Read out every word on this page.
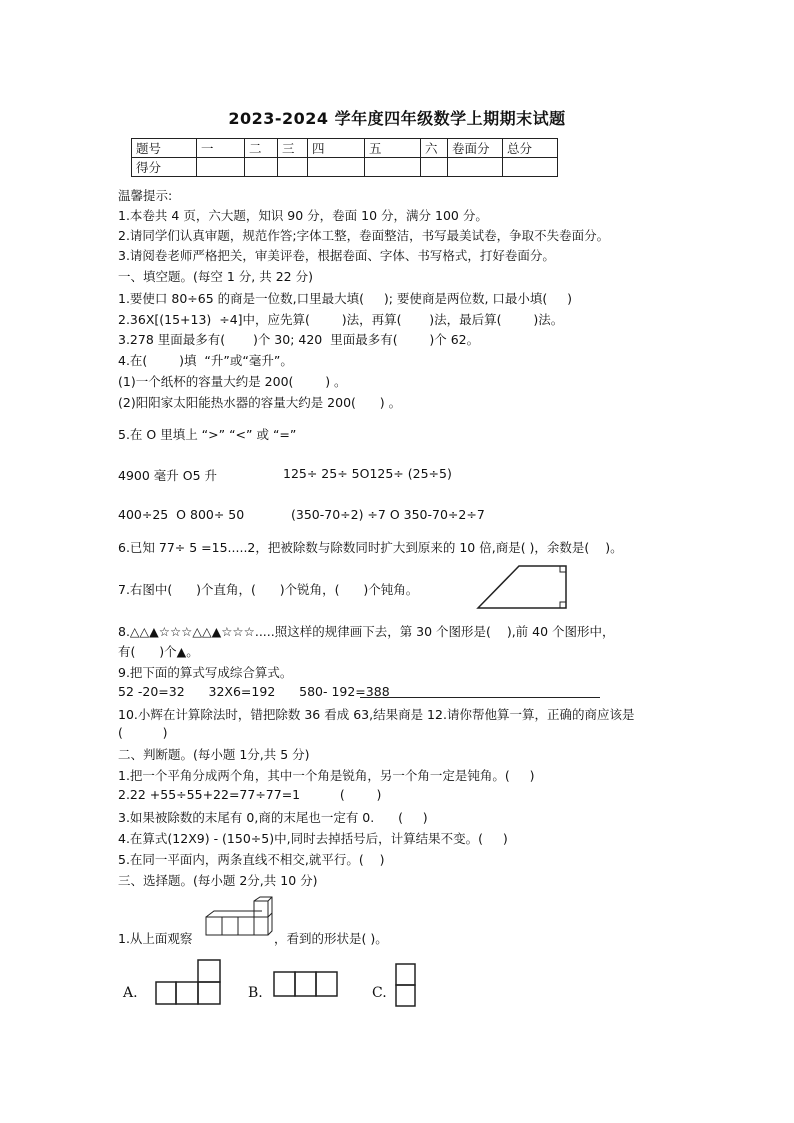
2023-2024 学年度四年级数学上期期末试题
题号	一	二	三	四	五	六	卷面分	总分
得分								
温馨提示:
1.本卷共 4 页，六大题，知识 90 分，卷面 10 分，满分 100 分。
2.请同学们认真审题，规范作答;字体工整，卷面整洁，书写最美试卷，争取不失卷面分。
3.请阅卷老师严格把关，审美评卷，根据卷面、字体、书写格式，打好卷面分。
一、填空题。(每空 1 分, 共 22 分)
1.要使口 80÷65 的商是一位数,口里最大填(     ); 要使商是两位数, 口最小填(     )
2.36X[(15+13)  ÷4]中，应先算(        )法，再算(       )法，最后算(        )法。
3.278 里面最多有(       )个 30; 420  里面最多有(        )个 62。
4.在(        )填  “升”或“毫升”。
(1)一个纸杯的容量大约是 200(        ) 。
(2)阳阳家太阳能热水器的容量大约是 200(      ) 。
5.在 O 里填上 “>” “<” 或 “=”
4900 毫升 O5 升	125÷ 25÷ 5O125÷ (25÷5)
400÷25  O 800÷ 50	(350-70÷2) ÷7 O 350-70÷2÷7
6.已知 77÷ 5 =15.....2，把被除数与除数同时扩大到原来的 10 倍,商是( )，余数是(    )。
7.右图中(      )个直角，(      )个锐角，(      )个钝角。
8.△△▲☆☆☆△△▲☆☆☆.....照这样的规律画下去，第 30 个图形是(    ),前 40 个图形中，
有(      )个▲。
9.把下面的算式写成综合算式。
52 -20=32      32X6=192      580- 192=388
10.小辉在计算除法时，错把除数 36 看成 63,结果商是 12.请你帮他算一算，正确的商应该是
(          )
二、判断题。(每小题 1分,共 5 分)
1.把一个平角分成两个角，其中一个角是锐角，另一个角一定是钝角。(     )
2.22 +55÷55+22=77÷77=1          (        )
3.如果被除数的末尾有 0,商的末尾也一定有 0.      (     )
4.在算式(12X9) - (150÷5)中,同时去掉括号后，计算结果不变。(     )
5.在同一平面内，两条直线不相交,就平行。(    )
三、选择题。(每小题 2分,共 10 分)
1.从上面观察	，看到的形状是( )。
A.	B.	C.
